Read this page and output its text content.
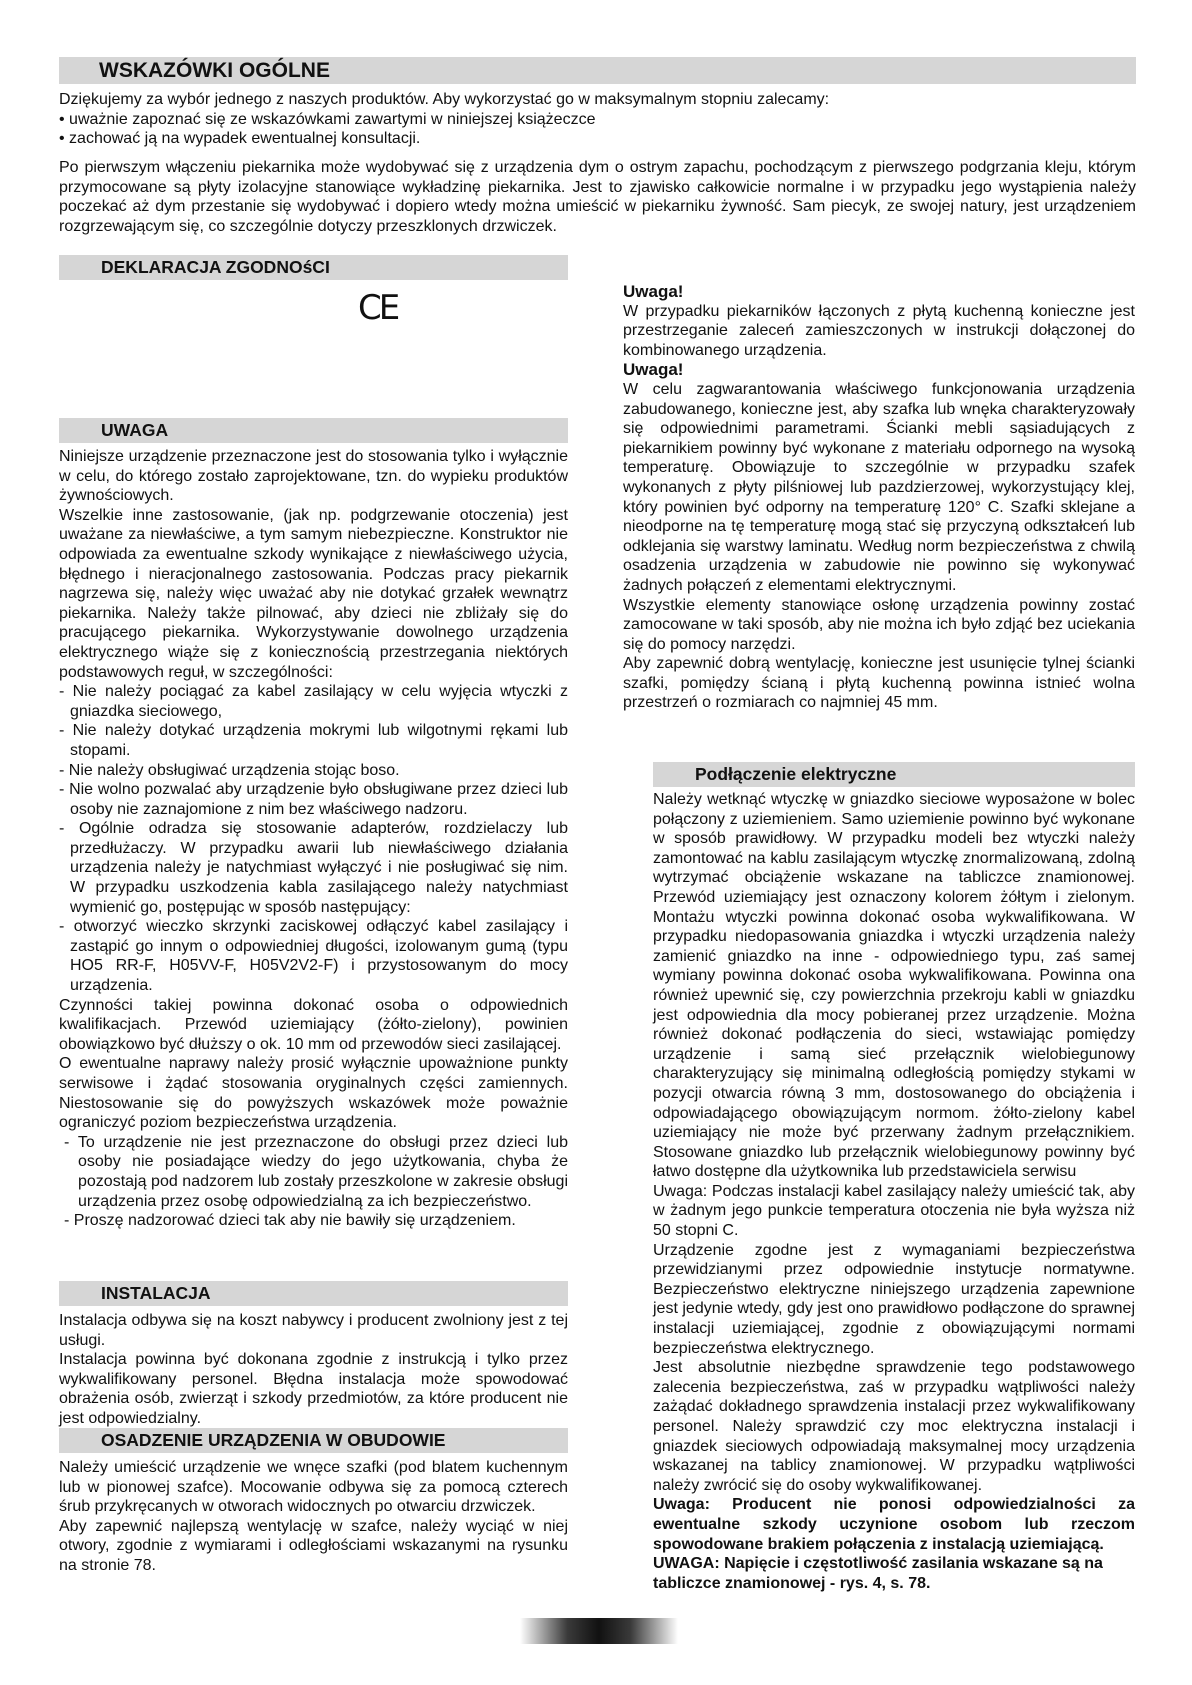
WSKAZÓWKI OGÓLNE

Dziękujemy za wybór jednego z naszych produktów. Aby wykorzystać go w maksymalnym stopniu zalecamy:

• uważnie zapoznać się ze wskazówkami zawartymi w niniejszej książeczce

• zachować ją na wypadek ewentualnej konsultacji.

Po pierwszym włączeniu piekarnika może wydobywać się z urządzenia dym o ostrym zapachu, pochodzącym z pierwszego podgrzania kleju, którym przymocowane są płyty izolacyjne stanowiące wykładzinę piekarnika. Jest to zjawisko całkowicie normalne i w przypadku jego wystąpienia należy poczekać aż dym przestanie się wydobywać i dopiero wtedy można umieścić w piekarniku żywność. Sam piecyk, ze swojej natury, jest urządzeniem rozgrzewającym się, co szczególnie dotyczy przeszklonych drzwiczek.

DEKLARACJA ZGODNOśCI
CE
UWAGA

Niniejsze urządzenie przeznaczone jest do stosowania tylko i wyłącznie w celu, do którego zostało zaprojektowane, tzn. do wypieku produktów żywnościowych.

Wszelkie inne zastosowanie, (jak np. podgrzewanie otoczenia) jest uważane za niewłaściwe, a tym samym niebezpieczne. Konstruktor nie odpowiada za ewentualne szkody wynikające z niewłaściwego użycia, błędnego i nieracjonalnego zastosowania. Podczas pracy piekarnik nagrzewa się, należy więc uważać aby nie dotykać grzałek wewnątrz piekarnika. Należy także pilnować, aby dzieci nie zbliżały się do pracującego piekarnika. Wykorzystywanie dowolnego urządzenia elektrycznego wiąże się z koniecznością przestrzegania niektórych podstawowych reguł, w szczególności:

- Nie należy pociągać za kabel zasilający w celu wyjęcia wtyczki z gniazdka sieciowego,

- Nie należy dotykać urządzenia mokrymi lub wilgotnymi rękami lub stopami.

- Nie należy obsługiwać urządzenia stojąc boso.

- Nie wolno pozwalać aby urządzenie było obsługiwane przez dzieci lub osoby nie zaznajomione z nim bez właściwego nadzoru.

- Ogólnie odradza się stosowanie adapterów, rozdzielaczy lub przedłużaczy. W przypadku awarii lub niewłaściwego działania urządzenia należy je natychmiast wyłączyć i nie posługiwać się nim. W przypadku uszkodzenia kabla zasilającego należy natychmiast wymienić go, postępując w sposób następujący:

- otworzyć wieczko skrzynki zaciskowej odłączyć kabel zasilający i zastąpić go innym o odpowiedniej długości, izolowanym gumą (typu HO5 RR-F, H05VV-F, H05V2V2-F) i przystosowanym do mocy urządzenia.

Czynności takiej powinna dokonać osoba o odpowiednich kwalifikacjach. Przewód uziemiający (żółto-zielony), powinien obowiązkowo być dłuższy o ok. 10 mm od przewodów sieci zasilającej.

O ewentualne naprawy należy prosić wyłącznie upoważnione punkty serwisowe i żądać stosowania oryginalnych części zamiennych. Niestosowanie się do powyższych wskazówek może poważnie ograniczyć poziom bezpieczeństwa urządzenia.

- To urządzenie nie jest przeznaczone do obsługi przez dzieci lub osoby nie posiadające wiedzy do jego użytkowania, chyba że pozostają pod nadzorem lub zostały przeszkolone w zakresie obsługi urządzenia przez osobę odpowiedzialną za ich bezpieczeństwo.

- Proszę nadzorować dzieci tak aby nie bawiły się urządzeniem.

INSTALACJA

Instalacja odbywa się na koszt nabywcy i producent zwolniony jest z tej usługi.

Instalacja powinna być dokonana zgodnie z instrukcją i tylko przez wykwalifikowany personel. Błędna instalacja może spowodować obrażenia osób, zwierząt i szkody przedmiotów, za które producent nie jest odpowiedzialny.

OSADZENIE URZĄDZENIA W OBUDOWIE

Należy umieścić urządzenie we wnęce szafki (pod blatem kuchennym lub w pionowej szafce). Mocowanie odbywa się za pomocą czterech śrub przykręcanych w otworach widocznych po otwarciu drzwiczek.

Aby zapewnić najlepszą wentylację w szafce, należy wyciąć w niej otwory, zgodnie z wymiarami i odległościami wskazanymi na rysunku na stronie 78.

Uwaga!

W przypadku piekarników łączonych z płytą kuchenną konieczne jest przestrzeganie zaleceń zamieszczonych w instrukcji dołączonej do kombinowanego urządzenia.

Uwaga!

W celu zagwarantowania właściwego funkcjonowania urządzenia zabudowanego, konieczne jest, aby szafka lub wnęka charakteryzowały się odpowiednimi parametrami. Ścianki mebli sąsiadujących z piekarnikiem powinny być wykonane z materiału odpornego na wysoką temperaturę. Obowiązuje to szczególnie w przypadku szafek wykonanych z płyty pilśniowej lub pazdzierzowej, wykorzystujący klej, który powinien być odporny na temperaturę 120° C. Szafki sklejane a nieodporne na tę temperaturę mogą stać się przyczyną odkształceń lub odklejania się warstwy laminatu. Według norm bezpieczeństwa z chwilą osadzenia urządzenia w zabudowie nie powinno się wykonywać żadnych połączeń z elementami elektrycznymi.

Wszystkie elementy stanowiące osłonę urządzenia powinny zostać zamocowane w taki sposób, aby nie można ich było zdjąć bez uciekania się do pomocy narzędzi.

Aby zapewnić dobrą wentylację, konieczne jest usunięcie tylnej ścianki szafki, pomiędzy ścianą i płytą kuchenną powinna istnieć wolna przestrzeń o rozmiarach co najmniej 45 mm.

Podłączenie elektryczne

Należy wetknąć wtyczkę w gniazdko sieciowe wyposażone w bolec połączony z uziemieniem. Samo uziemienie powinno być wykonane w sposób prawidłowy. W przypadku modeli bez wtyczki należy zamontować na kablu zasilającym wtyczkę znormalizowaną, zdolną wytrzymać obciążenie wskazane na tabliczce znamionowej. Przewód uziemiający jest oznaczony kolorem żółtym i zielonym. Montażu wtyczki powinna dokonać osoba wykwalifikowana. W przypadku niedopasowania gniazdka i wtyczki urządzenia należy zamienić gniazdko na inne - odpowiedniego typu, zaś samej wymiany powinna dokonać osoba wykwalifikowana. Powinna ona również upewnić się, czy powierzchnia przekroju kabli w gniazdku jest odpowiednia dla mocy pobieranej przez urządzenie. Można również dokonać podłączenia do sieci, wstawiając pomiędzy urządzenie i samą sieć przełącznik wielobiegunowy charakteryzujący się minimalną odległością pomiędzy stykami w pozycji otwarcia równą 3 mm, dostosowanego do obciążenia i odpowiadającego obowiązującym normom. żółto-zielony kabel uziemiający nie może być przerwany żadnym przełącznikiem. Stosowane gniazdko lub przełącznik wielobiegunowy powinny być łatwo dostępne dla użytkownika lub przedstawiciela serwisu

Uwaga: Podczas instalacji kabel zasilający należy umieścić tak, aby w żadnym jego punkcie temperatura otoczenia nie była wyższa niż 50 stopni C.

Urządzenie zgodne jest z wymaganiami bezpieczeństwa przewidzianymi przez odpowiednie instytucje normatywne. Bezpieczeństwo elektryczne niniejszego urządzenia zapewnione jest jedynie wtedy, gdy jest ono prawidłowo podłączone do sprawnej instalacji uziemiającej, zgodnie z obowiązującymi normami bezpieczeństwa elektrycznego.

Jest absolutnie niezbędne sprawdzenie tego podstawowego zalecenia bezpieczeństwa, zaś w przypadku wątpliwości należy zażądać dokładnego sprawdzenia instalacji przez wykwalifikowany personel. Należy sprawdzić czy moc elektryczna instalacji i gniazdek sieciowych odpowiadają maksymalnej mocy urządzenia wskazanej na tablicy znamionowej. W przypadku wątpliwości należy zwrócić się do osoby wykwalifikowanej.

Uwaga: Producent nie ponosi odpowiedzialności za ewentualne szkody uczynione osobom lub rzeczom spowodowane brakiem połączenia z instalacją uziemiającą.

UWAGA: Napięcie i częstotliwość zasilania wskazane są na tabliczce znamionowej - rys. 4, s. 78.
